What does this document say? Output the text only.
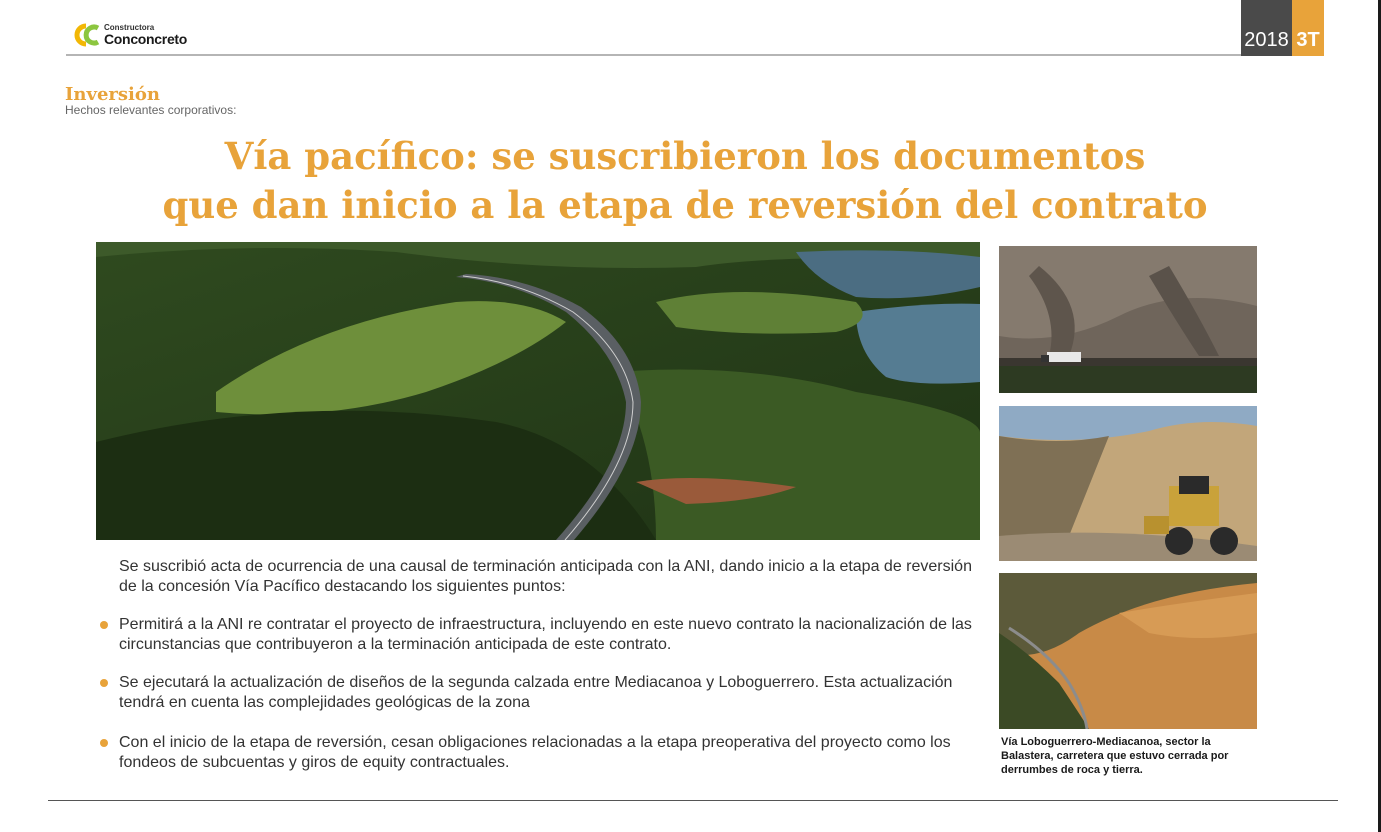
Constructora
Conconcreto	2018 3T
Inversión
Hechos relevantes corporativos:
Vía pacífico: se suscribieron los documentos
que dan inicio a la etapa de reversión del contrato
Vía Loboguerrero-Mediacanoa, sector la Balastera, carretera que estuvo cerrada por derrumbes de roca y tierra.

Se suscribió acta de ocurrencia de una causal de terminación anticipada con la ANI, dando inicio a la etapa de reversión de la concesión Vía Pacífico destacando los siguientes puntos:

Permitirá a la ANI re contratar el proyecto de infraestructura, incluyendo en este nuevo contrato la nacionalización de las circunstancias que contribuyeron a la terminación anticipada de este contrato.
Se ejecutará la actualización de diseños de la segunda calzada entre Mediacanoa y Loboguerrero. Esta actualización tendrá en cuenta las complejidades geológicas de la zona
Con el inicio de la etapa de reversión, cesan obligaciones relacionadas a la etapa preoperativa del proyecto como los fondeos de subcuentas y giros de equity contractuales.
